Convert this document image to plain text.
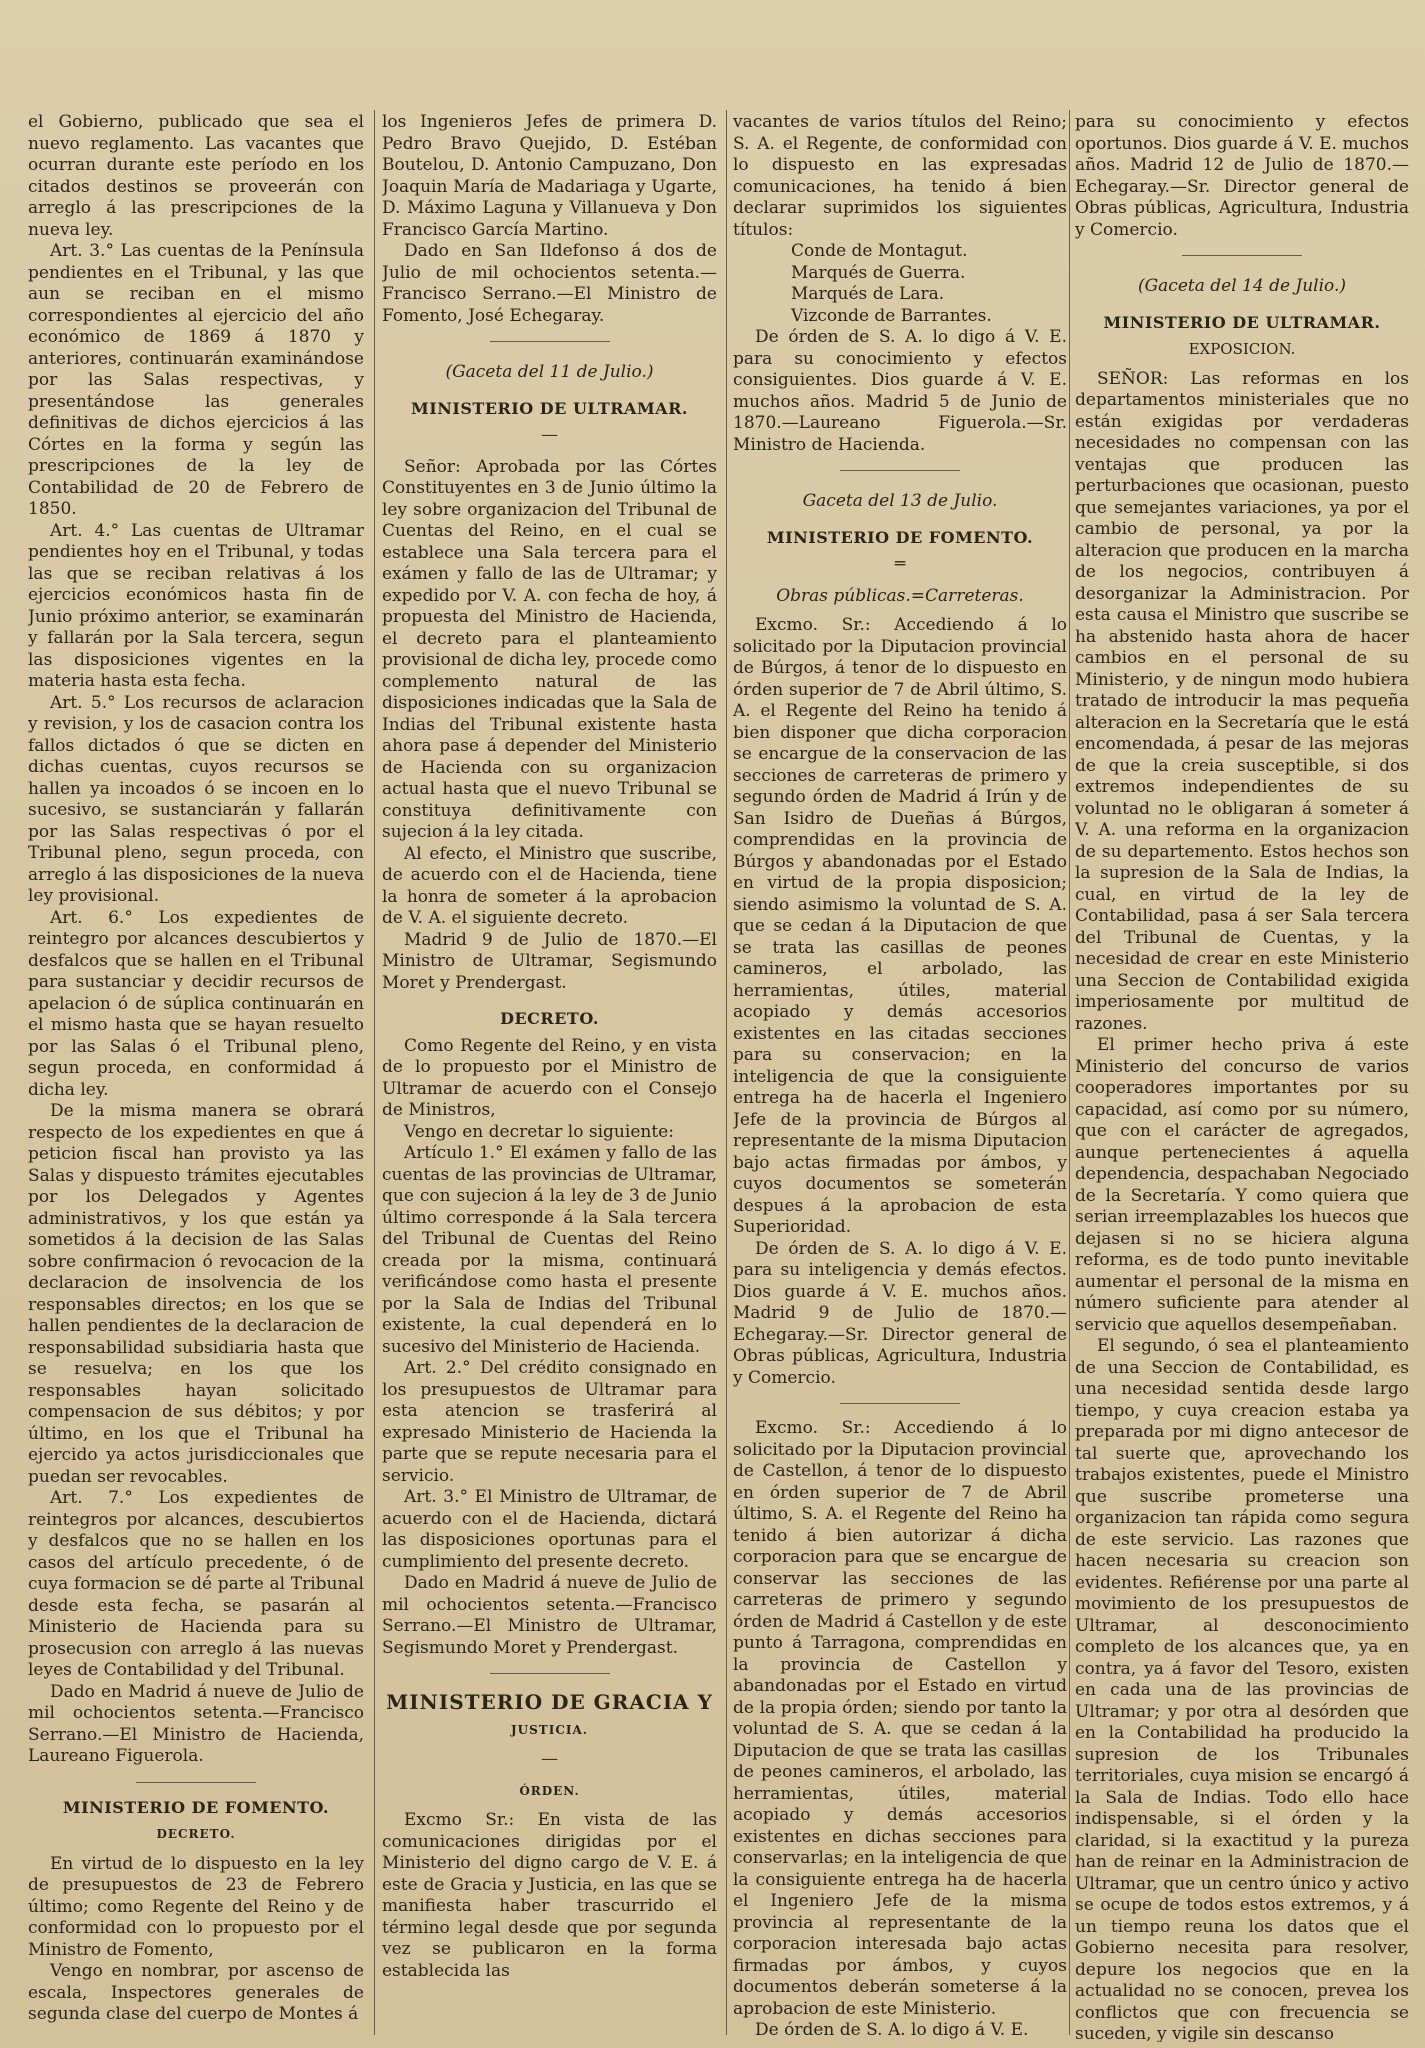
el Gobierno, publicado que sea el nuevo reglamento. Las vacantes que ocurran durante este período en los citados destinos se proveerán con arreglo á las prescripciones de la nueva ley.

Art. 3.° Las cuentas de la Península pendientes en el Tribunal, y las que aun se reciban en el mismo correspondientes al ejercicio del año económico de 1869 á 1870 y anteriores, continuarán examinándose por las Salas respectivas, y presentándose las generales definitivas de dichos ejercicios á las Córtes en la forma y según las prescripciones de la ley de Contabilidad de 20 de Febrero de 1850.

Art. 4.° Las cuentas de Ultramar pendientes hoy en el Tribunal, y todas las que se reciban relativas á los ejercicios económicos hasta fin de Junio próximo anterior, se examinarán y fallarán por la Sala tercera, segun las disposiciones vigentes en la materia hasta esta fecha.

Art. 5.° Los recursos de aclaracion y revision, y los de casacion contra los fallos dictados ó que se dicten en dichas cuentas, cuyos recursos se hallen ya incoados ó se incoen en lo sucesivo, se sustanciarán y fallarán por las Salas respectivas ó por el Tribunal pleno, segun proceda, con arreglo á las disposiciones de la nueva ley provisional.

Art. 6.° Los expedientes de reintegro por alcances descubiertos y desfalcos que se hallen en el Tribunal para sustanciar y decidir recursos de apelacion ó de súplica continuarán en el mismo hasta que se hayan resuelto por las Salas ó el Tribunal pleno, segun proceda, en conformidad á dicha ley.

De la misma manera se obrará respecto de los expedientes en que á peticion fiscal han provisto ya las Salas y dispuesto trámites ejecutables por los Delegados y Agentes administrativos, y los que están ya sometidos á la decision de las Salas sobre confirmacion ó revocacion de la declaracion de insolvencia de los responsables directos; en los que se hallen pendientes de la declaracion de responsabilidad subsidiaria hasta que se resuelva; en los que los responsables hayan solicitado compensacion de sus débitos; y por último, en los que el Tribunal ha ejercido ya actos jurisdiccionales que puedan ser revocables.

Art. 7.° Los expedientes de reintegros por alcances, descubiertos y desfalcos que no se hallen en los casos del artículo precedente, ó de cuya formacion se dé parte al Tribunal desde esta fecha, se pasarán al Ministerio de Hacienda para su prosecusion con arreglo á las nuevas leyes de Contabilidad y del Tribunal.

Dado en Madrid á nueve de Julio de mil ochocientos setenta.—Francisco Serrano.—El Ministro de Hacienda, Laureano Figuerola.

MINISTERIO DE FOMENTO.

DECRETO.

En virtud de lo dispuesto en la ley de presupuestos de 23 de Febrero último; como Regente del Reino y de conformidad con lo propuesto por el Ministro de Fomento,

Vengo en nombrar, por ascenso de escala, Inspectores generales de segunda clase del cuerpo de Montes á

los Ingenieros Jefes de primera D. Pedro Bravo Quejido, D. Estéban Boutelou, D. Antonio Campuzano, Don Joaquin María de Madariaga y Ugarte, D. Máximo Laguna y Villanueva y Don Francisco García Martino.

Dado en San Ildefonso á dos de Julio de mil ochocientos setenta.—Francisco Serrano.—El Ministro de Fomento, José Echegaray.

(Gaceta del 11 de Julio.)

MINISTERIO DE ULTRAMAR.

—

Señor: Aprobada por las Córtes Constituyentes en 3 de Junio último la ley sobre organizacion del Tribunal de Cuentas del Reino, en el cual se establece una Sala tercera para el exámen y fallo de las de Ultramar; y expedido por V. A. con fecha de hoy, á propuesta del Ministro de Hacienda, el decreto para el planteamiento provisional de dicha ley, procede como complemento natural de las disposiciones indicadas que la Sala de Indias del Tribunal existente hasta ahora pase á depender del Ministerio de Hacienda con su organizacion actual hasta que el nuevo Tribunal se constituya definitivamente con sujecion á la ley citada.

Al efecto, el Ministro que suscribe, de acuerdo con el de Hacienda, tiene la honra de someter á la aprobacion de V. A. el siguiente decreto.

Madrid 9 de Julio de 1870.—El Ministro de Ultramar, Segismundo Moret y Prendergast.

DECRETO.

Como Regente del Reino, y en vista de lo propuesto por el Ministro de Ultramar de acuerdo con el Consejo de Ministros,

Vengo en decretar lo siguiente:

Artículo 1.° El exámen y fallo de las cuentas de las provincias de Ultramar, que con sujecion á la ley de 3 de Junio último corresponde á la Sala tercera del Tribunal de Cuentas del Reino creada por la misma, continuará verificándose como hasta el presente por la Sala de Indias del Tribunal existente, la cual dependerá en lo sucesivo del Ministerio de Hacienda.

Art. 2.° Del crédito consignado en los presupuestos de Ultramar para esta atencion se trasferirá al expresado Ministerio de Hacienda la parte que se repute necesaria para el servicio.

Art. 3.° El Ministro de Ultramar, de acuerdo con el de Hacienda, dictará las disposiciones oportunas para el cumplimiento del presente decreto.

Dado en Madrid á nueve de Julio de mil ochocientos setenta.—Francisco Serrano.—El Ministro de Ultramar, Segismundo Moret y Prendergast.

MINISTERIO DE GRACIA Y

JUSTICIA.

—

ÓRDEN.

Excmo Sr.: En vista de las comunicaciones dirigidas por el Ministerio del digno cargo de V. E. á este de Gracia y Justicia, en las que se manifiesta haber trascurrido el término legal desde que por segunda vez se publicaron en la forma establecida las

vacantes de varios títulos del Reino; S. A. el Regente, de conformidad con lo dispuesto en las expresadas comunicaciones, ha tenido á bien declarar suprimidos los siguientes títulos:

Conde de Montagut.
Marqués de Guerra.
Marqués de Lara.
Vizconde de Barrantes.

De órden de S. A. lo digo á V. E. para su conocimiento y efectos consiguientes. Dios guarde á V. E. muchos años. Madrid 5 de Junio de 1870.—Laureano Figuerola.—Sr. Ministro de Hacienda.

Gaceta del 13 de Julio.

MINISTERIO DE FOMENTO.

═

Obras públicas.=Carreteras.

Excmo. Sr.: Accediendo á lo solicitado por la Diputacion provincial de Búrgos, á tenor de lo dispuesto en órden superior de 7 de Abril último, S. A. el Regente del Reino ha tenido á bien disponer que dicha corporacion se encargue de la conservacion de las secciones de carreteras de primero y segundo órden de Madrid á Irún y de San Isidro de Dueñas á Búrgos, comprendidas en la provincia de Búrgos y abandonadas por el Estado en virtud de la propia disposicion; siendo asimismo la voluntad de S. A. que se cedan á la Diputacion de que se trata las casillas de peones camineros, el arbolado, las herramientas, útiles, material acopiado y demás accesorios existentes en las citadas secciones para su conservacion; en la inteligencia de que la consiguiente entrega ha de hacerla el Ingeniero Jefe de la provincia de Búrgos al representante de la misma Diputacion bajo actas firmadas por ámbos, y cuyos documentos se someterán despues á la aprobacion de esta Superioridad.

De órden de S. A. lo digo á V. E. para su inteligencia y demás efectos. Dios guarde á V. E. muchos años. Madrid 9 de Julio de 1870.—Echegaray.—Sr. Director general de Obras públicas, Agricultura, Industria y Comercio.

Excmo. Sr.: Accediendo á lo solicitado por la Diputacion provincial de Castellon, á tenor de lo dispuesto en órden superior de 7 de Abril último, S. A. el Regente del Reino ha tenido á bien autorizar á dicha corporacion para que se encargue de conservar las secciones de las carreteras de primero y segundo órden de Madrid á Castellon y de este punto á Tarragona, comprendidas en la provincia de Castellon y abandonadas por el Estado en virtud de la propia órden; siendo por tanto la voluntad de S. A. que se cedan á la Diputacion de que se trata las casillas de peones camineros, el arbolado, las herramientas, útiles, material acopiado y demás accesorios existentes en dichas secciones para conservarlas; en la inteligencia de que la consiguiente entrega ha de hacerla el Ingeniero Jefe de la misma provincia al representante de la corporacion interesada bajo actas firmadas por ámbos, y cuyos documentos deberán someterse á la aprobacion de este Ministerio.

De órden de S. A. lo digo á V. E.

para su conocimiento y efectos oportunos. Dios guarde á V. E. muchos años. Madrid 12 de Julio de 1870.—Echegaray.—Sr. Director general de Obras públicas, Agricultura, Industria y Comercio.

(Gaceta del 14 de Julio.)

MINISTERIO DE ULTRAMAR.

EXPOSICION.

SEÑOR: Las reformas en los departamentos ministeriales que no están exigidas por verdaderas necesidades no compensan con las ventajas que producen las perturbaciones que ocasionan, puesto que semejantes variaciones, ya por el cambio de personal, ya por la alteracion que producen en la marcha de los negocios, contribuyen á desorganizar la Administracion. Por esta causa el Ministro que suscribe se ha abstenido hasta ahora de hacer cambios en el personal de su Ministerio, y de ningun modo hubiera tratado de introducir la mas pequeña alteracion en la Secretaría que le está encomendada, á pesar de las mejoras de que la creia susceptible, si dos extremos independientes de su voluntad no le obligaran á someter á V. A. una reforma en la organizacion de su departemento. Estos hechos son la supresion de la Sala de Indias, la cual, en virtud de la ley de Contabilidad, pasa á ser Sala tercera del Tribunal de Cuentas, y la necesidad de crear en este Ministerio una Seccion de Contabilidad exigida imperiosamente por multitud de razones.

El primer hecho priva á este Ministerio del concurso de varios cooperadores importantes por su capacidad, así como por su número, que con el carácter de agregados, aunque pertenecientes á aquella dependencia, despachaban Negociado de la Secretaría. Y como quiera que serian irreemplazables los huecos que dejasen si no se hiciera alguna reforma, es de todo punto inevitable aumentar el personal de la misma en número suficiente para atender al servicio que aquellos desempeñaban.

El segundo, ó sea el planteamiento de una Seccion de Contabilidad, es una necesidad sentida desde largo tiempo, y cuya creacion estaba ya preparada por mi digno antecesor de tal suerte que, aprovechando los trabajos existentes, puede el Ministro que suscribe prometerse una organizacion tan rápida como segura de este servicio. Las razones que hacen necesaria su creacion son evidentes. Refiérense por una parte al movimiento de los presupuestos de Ultramar, al desconocimiento completo de los alcances que, ya en contra, ya á favor del Tesoro, existen en cada una de las provincias de Ultramar; y por otra al desórden que en la Contabilidad ha producido la supresion de los Tribunales territoriales, cuya mision se encargó á la Sala de Indias. Todo ello hace indispensable, si el órden y la claridad, si la exactitud y la pureza han de reinar en la Administracion de Ultramar, que un centro único y activo se ocupe de todos estos extremos, y á un tiempo reuna los datos que el Gobierno necesita para resolver, depure los negocios que en la actualidad no se conocen, prevea los conflictos que con frecuencia se suceden, y vigile sin descanso
